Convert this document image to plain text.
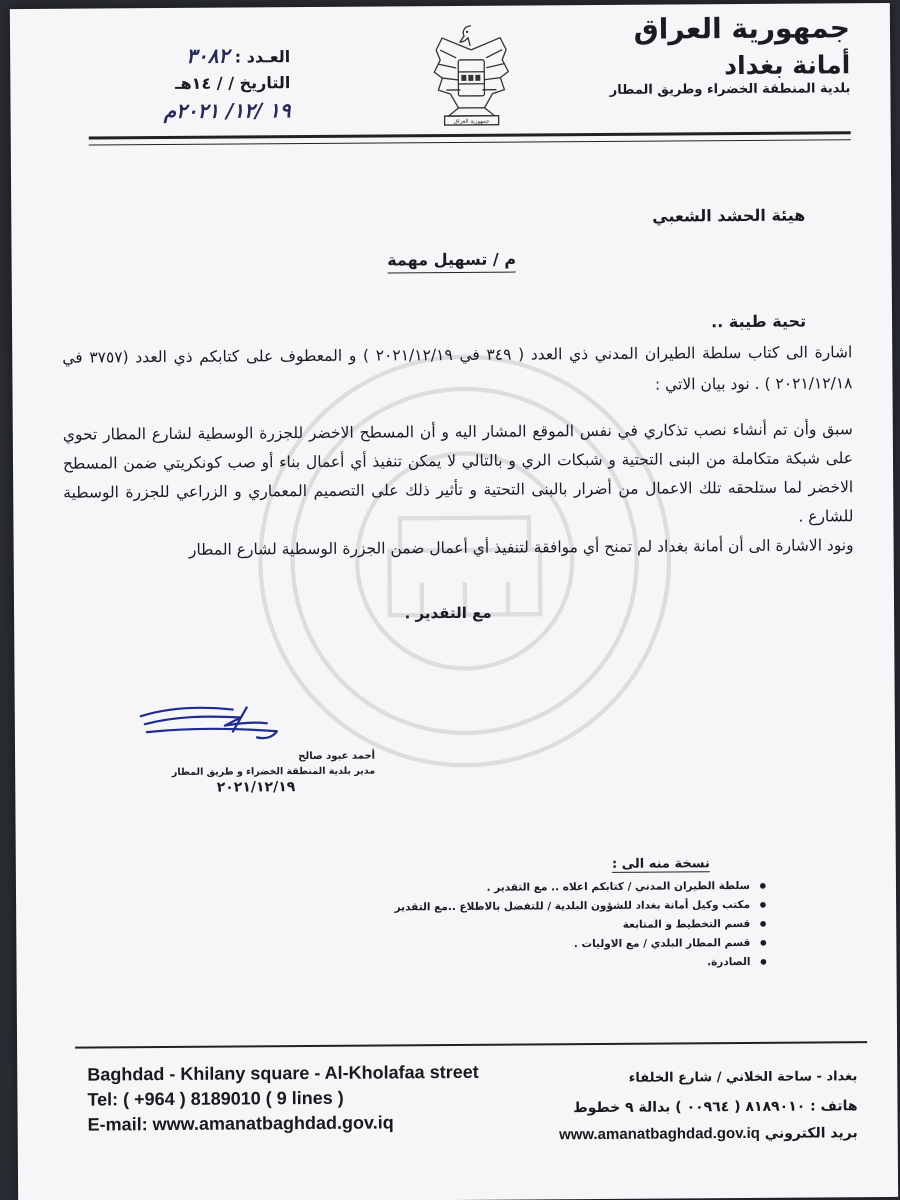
جمهورية العراق
أمانة بغداد
بلدية المنطقة الخضراء وطريق المطار
جمهورية العراق
العـدد : ٣٠٨٢
التاريخ / / ١٤هـ
١٩ /١٢/ ٢٠٢١م
هيئة الحشد الشعبي
م / تسهيل مهمة
تحية طيبة ..
اشارة الى كتاب سلطة الطيران المدني ذي العدد ( ٣٤٩ في ٢٠٢١/١٢/١٩ ) و المعطوف على كتابكم ذي العدد (٣٧٥٧ في ٢٠٢١/١٢/١٨ ) . نود بيان الاتي :
سبق وأن تم أنشاء نصب تذكاري في نفس الموقع المشار اليه و أن المسطح الاخضر للجزرة الوسطية لشارع المطار تحوي على شبكة متكاملة من البنى التحتية و شبكات الري و بالتالي لا يمكن تنفيذ أي أعمال بناء أو صب كونكريتي ضمن المسطح الاخضر لما ستلحقه تلك الاعمال من أضرار بالبنى التحتية و تأثير ذلك على التصميم المعماري و الزراعي للجزرة الوسطية للشارع .
ونود الاشارة الى أن أمانة بغداد لم تمنح أي موافقة لتنفيذ أي أعمال ضمن الجزرة الوسطية لشارع المطار
مع التقدير .
أحمد عبود صالح
مدير بلدية المنطقة الخضراء و طريق المطار
٢٠٢١/١٢/١٩
نسخة منه الى :
• سلطة الطيران المدني / كتابكم اعلاه .. مع التقدير .
• مكتب وكيل أمانة بغداد للشؤون البلدية / للتفضل بالاطلاع ..مع التقدير
• قسم التخطيط و المتابعة
• قسم المطار البلدي / مع الاوليات .
• الصادرة.
Baghdad - Khilany square - Al-Kholafaa street
Tel: ( +964 ) 8189010 ( 9 lines )
E-mail: www.amanatbaghdad.gov.iq
بغداد - ساحة الخلاني / شارع الخلفاء
هاتف : ٨١٨٩٠١٠ ( ٠٠٩٦٤ ) بدالة ٩ خطوط
بريد الكتروني www.amanatbaghdad.gov.iq
